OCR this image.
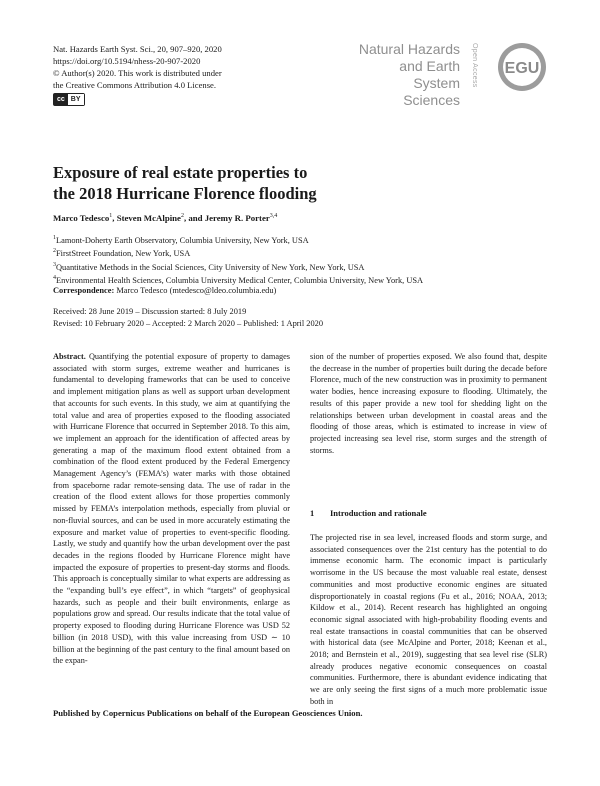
Nat. Hazards Earth Syst. Sci., 20, 907–920, 2020
https://doi.org/10.5194/nhess-20-907-2020
© Author(s) 2020. This work is distributed under
the Creative Commons Attribution 4.0 License.
cc BY
Natural Hazards
and Earth System
Sciences
Open Access EGU
Exposure of real estate properties to
the 2018 Hurricane Florence flooding
Marco Tedesco$^1$, Steven McAlpine$^2$, and Jeremy R. Porter$^{3,4}$
$^1$Lamont-Doherty Earth Observatory, Columbia University, New York, USA
$^2$FirstStreet Foundation, New York, USA
$^3$Quantitative Methods in the Social Sciences, City University of New York, New York, USA
$^4$Environmental Health Sciences, Columbia University Medical Center, Columbia University, New York, USA
Correspondence: Marco Tedesco (mtedesco@ldeo.columbia.edu)
Received: 28 June 2019 – Discussion started: 8 July 2019
Revised: 10 February 2020 – Accepted: 2 March 2020 – Published: 1 April 2020

Abstract. Quantifying the potential exposure of property to damages associated with storm surges, extreme weather and hurricanes is fundamental to developing frameworks that can be used to conceive and implement mitigation plans as well as support urban development that accounts for such events. In this study, we aim at quantifying the total value and area of properties exposed to the flooding associated with Hurricane Florence that occurred in September 2018. To this aim, we implement an approach for the identification of affected areas by generating a map of the maximum flood extent obtained from a combination of the flood extent produced by the Federal Emergency Management Agency’s (FEMA’s) water marks with those obtained from spaceborne radar remote-sensing data. The use of radar in the creation of the flood extent allows for those properties commonly missed by FEMA’s interpolation methods, especially from pluvial or non-fluvial sources, and can be used in more accurately estimating the exposure and market value of properties to event-specific flooding. Lastly, we study and quantify how the urban development over the past decades in the regions flooded by Hurricane Florence might have impacted the exposure of properties to present-day storms and floods. This approach is conceptually similar to what experts are addressing as the “expanding bull’s eye effect”, in which “targets” of geophysical hazards, such as people and their built environments, enlarge as populations grow and spread. Our results indicate that the total value of property exposed to flooding during Hurricane Florence was USD 52 billion (in 2018 USD), with this value increasing from USD ∼ 10 billion at the beginning of the past century to the final amount based on the expan-

sion of the number of properties exposed. We also found that, despite the decrease in the number of properties built during the decade before Florence, much of the new construction was in proximity to permanent water bodies, hence increasing exposure to flooding. Ultimately, the results of this paper provide a new tool for shedding light on the relationships between urban development in coastal areas and the flooding of those areas, which is estimated to increase in view of projected increasing sea level rise, storm surges and the strength of storms.

1 Introduction and rationale

The projected rise in sea level, increased floods and storm surge, and associated consequences over the 21st century has the potential to do immense economic harm. The economic impact is particularly worrisome in the US because the most valuable real estate, densest communities and most productive economic engines are situated disproportionately in coastal regions (Fu et al., 2016; NOAA, 2013; Kildow et al., 2014). Recent research has highlighted an ongoing economic signal associated with high-probability flooding events and real estate transactions in coastal communities that can be observed with historical data (see McAlpine and Porter, 2018; Keenan et al., 2018; and Bernstein et al., 2019), suggesting that sea level rise (SLR) already produces negative economic consequences on coastal communities. Furthermore, there is abundant evidence indicating that we are only seeing the first signs of a much more problematic issue both in

Published by Copernicus Publications on behalf of the European Geosciences Union.
